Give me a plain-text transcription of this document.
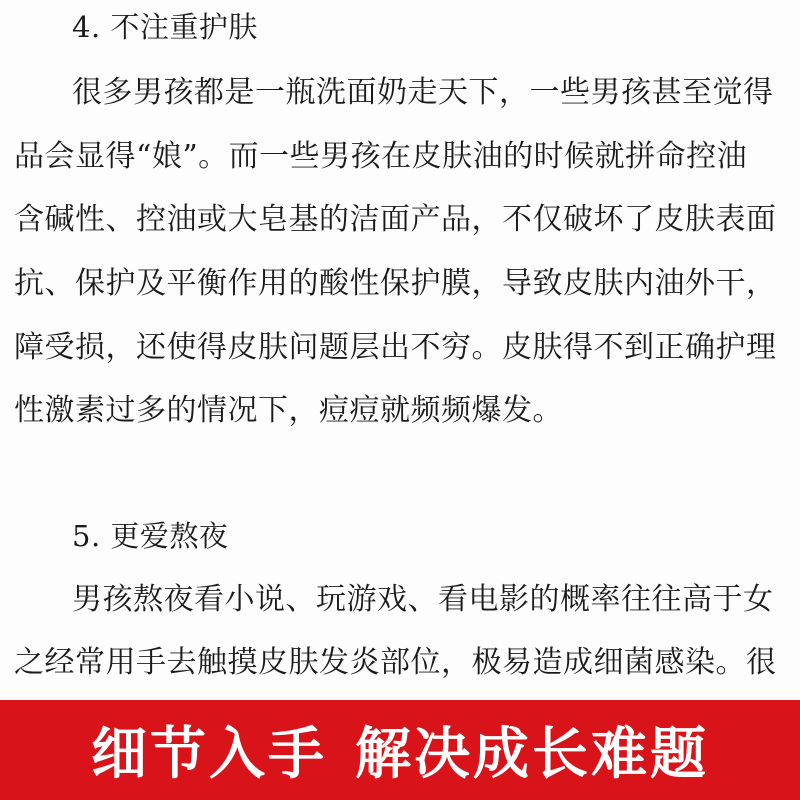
4. 不注重护肤
很多男孩都是一瓶洗面奶走天下，一些男孩甚至觉得
品会显得“娘”。而一些男孩在皮肤油的时候就拼命控油
含碱性、控油或大皂基的洁面产品，不仅破坏了皮肤表面
抗、保护及平衡作用的酸性保护膜，导致皮肤内油外干，
障受损，还使得皮肤问题层出不穷。皮肤得不到正确护理
性激素过多的情况下，痘痘就频频爆发。
5. 更爱熬夜
男孩熬夜看小说、玩游戏、看电影的概率往往高于女
之经常用手去触摸皮肤发炎部位，极易造成细菌感染。很
细节入手 解决成长难题
